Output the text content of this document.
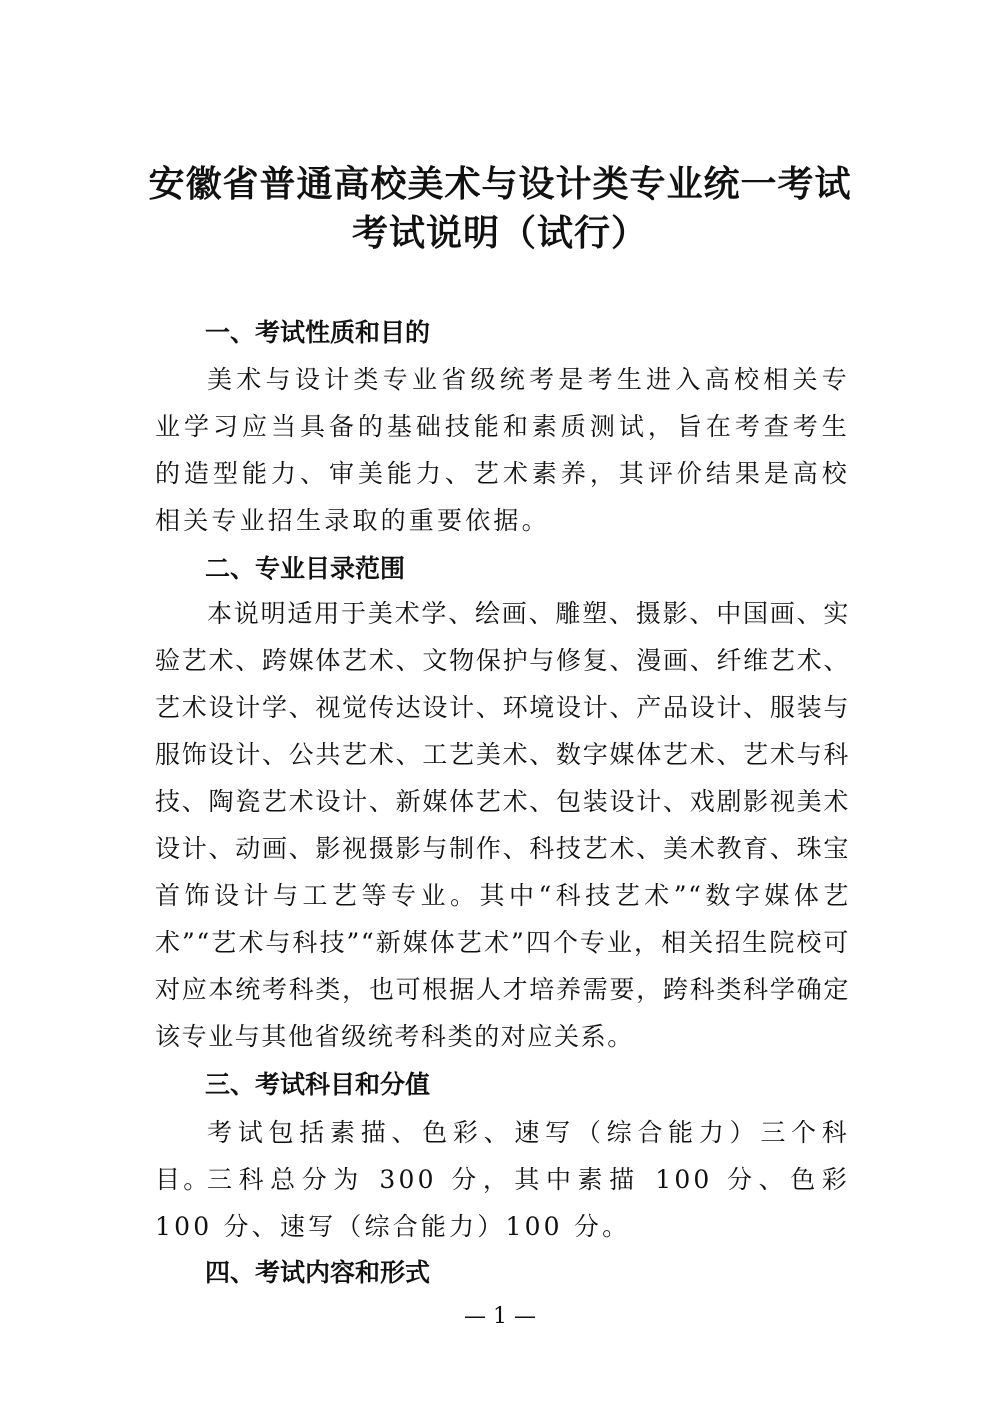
安徽省普通高校美术与设计类专业统一考试
考试说明（试行）
一、考试性质和目的
美术与设计类专业省级统考是考生进入高校相关专业学习应当具备的基础技能和素质测试，旨在考查考生的造型能力、审美能力、艺术素养，其评价结果是高校相关专业招生录取的重要依据。
二、专业目录范围
本说明适用于美术学、绘画、雕塑、摄影、中国画、实验艺术、跨媒体艺术、文物保护与修复、漫画、纤维艺术、艺术设计学、视觉传达设计、环境设计、产品设计、服装与服饰设计、公共艺术、工艺美术、数字媒体艺术、艺术与科技、陶瓷艺术设计、新媒体艺术、包装设计、戏剧影视美术设计、动画、影视摄影与制作、科技艺术、美术教育、珠宝首饰设计与工艺等专业。其中“科技艺术”“数字媒体艺术”“艺术与科技”“新媒体艺术”四个专业，相关招生院校可对应本统考科类，也可根据人才培养需要，跨科类科学确定该专业与其他省级统考科类的对应关系。
三、考试科目和分值
考试包括素描、色彩、速写（综合能力）三个科目。
三科总分为 300 分，其中素描 100 分、色彩 100 分、速写（综合能力）100 分。
四、考试内容和形式
— 1 —
